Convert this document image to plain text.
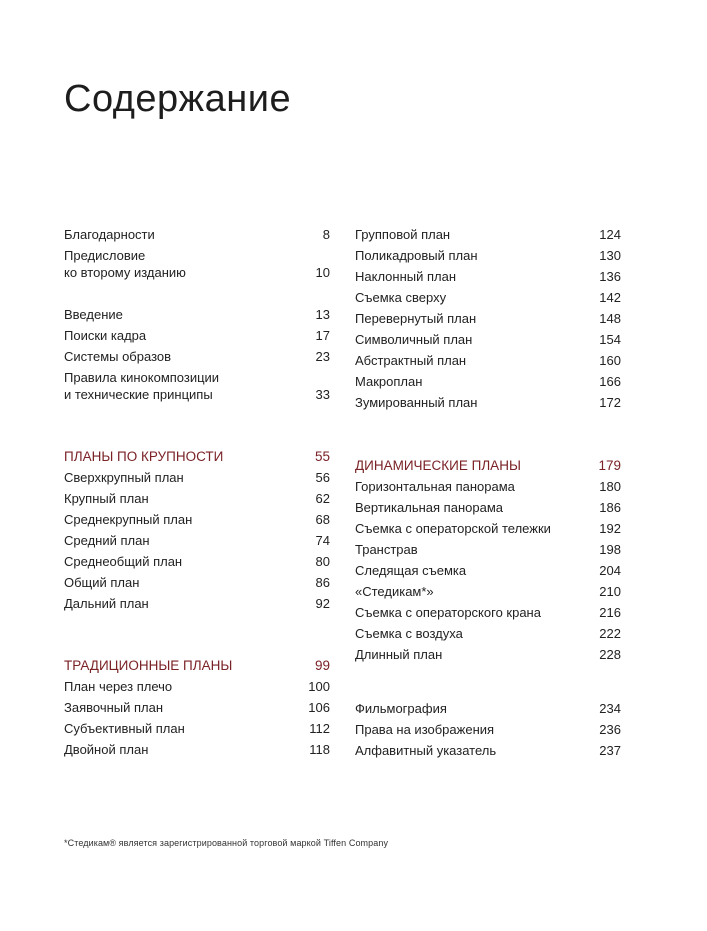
Содержание
Благодарности	8
Предисловие
ко второму изданию	10
Введение	13
Поиски кадра	17
Системы образов	23
Правила кинокомпозиции
и технические принципы	33
ПЛАНЫ ПО КРУПНОСТИ	55
Сверхкрупный план	56
Крупный план	62
Среднекрупный план	68
Средний план	74
Среднеобщий план	80
Общий план	86
Дальний план	92
ТРАДИЦИОННЫЕ ПЛАНЫ	99
План через плечо	100
Заявочный план	106
Субъективный план	112
Двойной план	118
Групповой план	124
Поликадровый план	130
Наклонный план	136
Съемка сверху	142
Перевернутый план	148
Символичный план	154
Абстрактный план	160
Макроплан	166
Зумированный план	172
ДИНАМИЧЕСКИЕ ПЛАНЫ	179
Горизонтальная панорама	180
Вертикальная панорама	186
Съемка с операторской тележки	192
Транстрав	198
Следящая съемка	204
«Стедикам*»	210
Съемка с операторского крана	216
Съемка с воздуха	222
Длинный план	228
Фильмография	234
Права на изображения	236
Алфавитный указатель	237
*Стедикам® является зарегистрированной торговой маркой Tiffen Company
